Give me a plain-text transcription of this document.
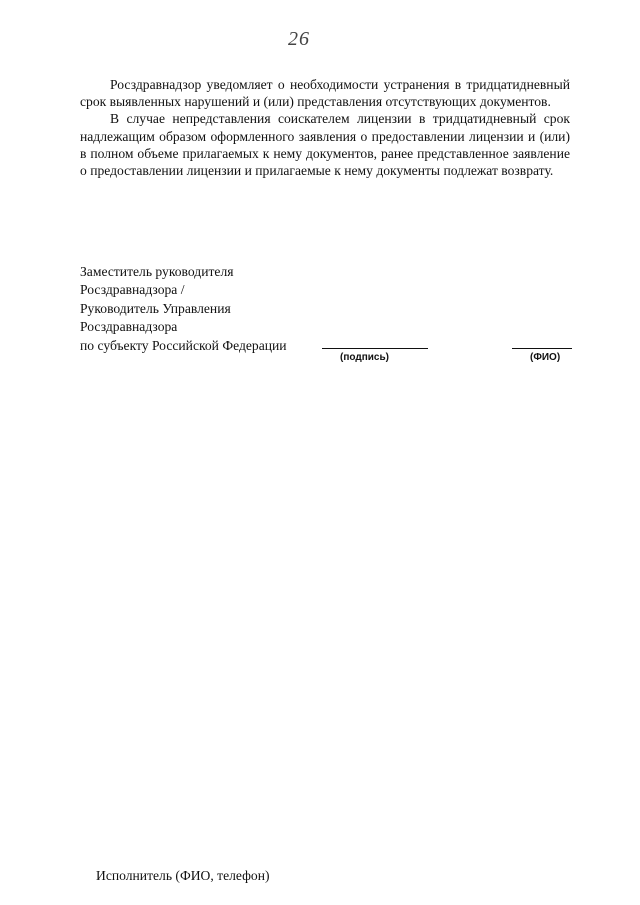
26

Росздравнадзор уведомляет о необходимости устранения в тридцатидневный срок выявленных нарушений и (или) представления отсутствующих документов.

В случае непредставления соискателем лицензии в тридцатидневный срок надлежащим образом оформленного заявления о предоставлении лицензии и (или) в полном объеме прилагаемых к нему документов, ранее представленное заявление о предоставлении лицензии и прилагаемые к нему документы подлежат возврату.

Заместитель руководителя
Росздравнадзора /
Руководитель Управления
Росздравнадзора
по субъекту Российской Федерации
(подпись)	(ФИО)
Исполнитель (ФИО, телефон)
